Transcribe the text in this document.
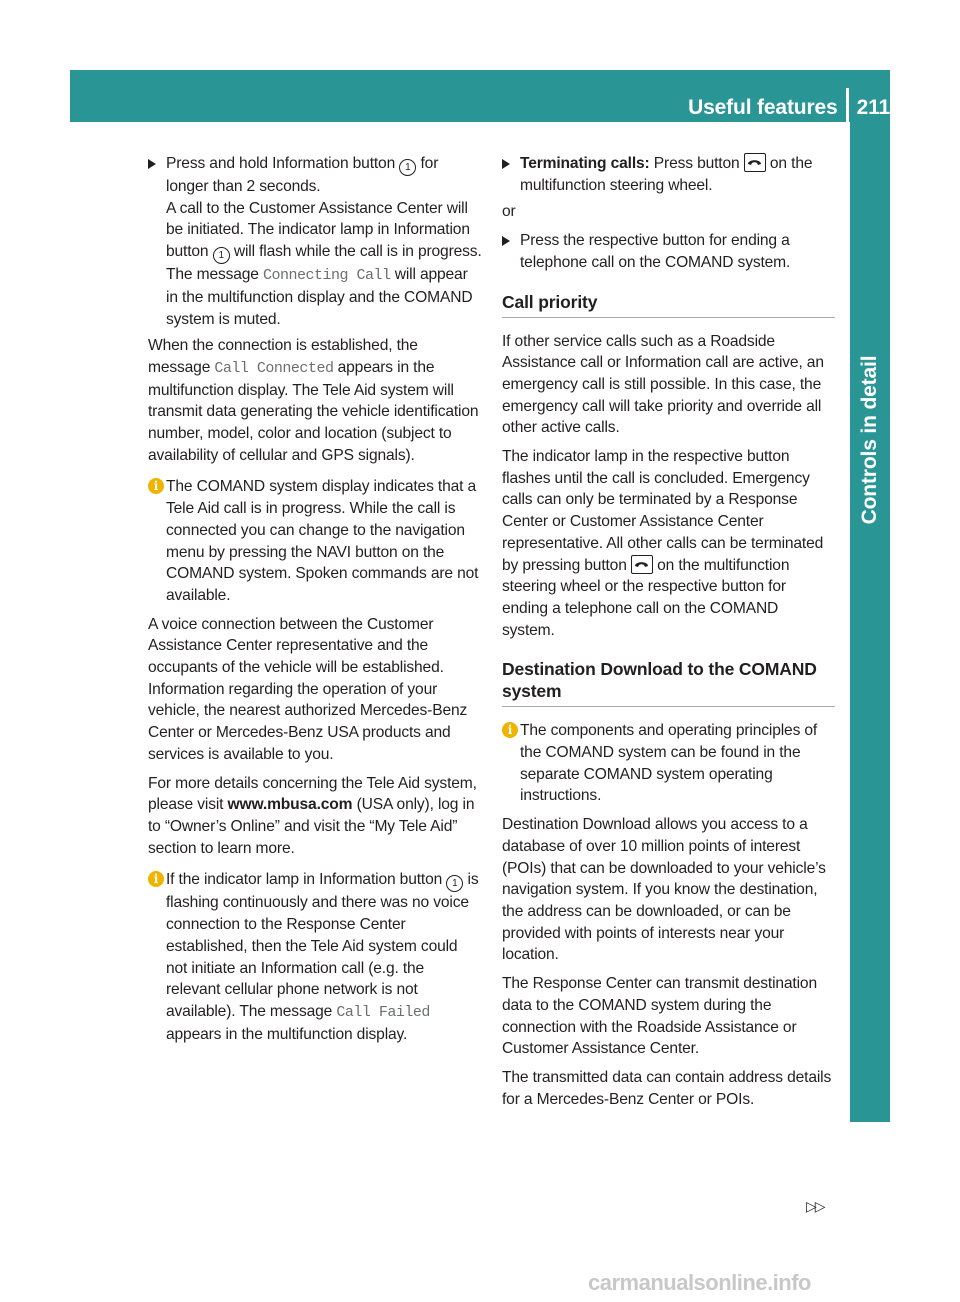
Useful features 211
Controls in detail
Press and hold Information button 1 for longer than 2 seconds.
A call to the Customer Assistance Center will be initiated. The indicator lamp in Information button 1 will flash while the call is in progress. The message Connecting Call will appear in the multifunction display and the COMAND system is muted.

When the connection is established, the message Call Connected appears in the multifunction display. The Tele Aid system will transmit data generating the vehicle identification number, model, color and location (subject to availability of cellular and GPS signals).

i The COMAND system display indicates that a Tele Aid call is in progress. While the call is connected you can change to the navigation menu by pressing the NAVI button on the COMAND system. Spoken commands are not available.

A voice connection between the Customer Assistance Center representative and the occupants of the vehicle will be established. Information regarding the operation of your vehicle, the nearest authorized Mercedes-Benz Center or Mercedes-Benz USA products and services is available to you.

For more details concerning the Tele Aid system, please visit www.mbusa.com (USA only), log in to “Owner’s Online” and visit the “My Tele Aid” section to learn more.

i If the indicator lamp in Information button 1 is flashing continuously and there was no voice connection to the Response Center established, then the Tele Aid system could not initiate an Information call (e.g. the relevant cellular phone network is not available). The message Call Failed appears in the multifunction display.
Terminating calls: Press button on the multifunction steering wheel.

or

Press the respective button for ending a telephone call on the COMAND system.
Call priority

If other service calls such as a Roadside Assistance call or Information call are active, an emergency call is still possible. In this case, the emergency call will take priority and override all other active calls.

The indicator lamp in the respective button flashes until the call is concluded. Emergency calls can only be terminated by a Response Center or Customer Assistance Center representative. All other calls can be terminated by pressing button on the multifunction steering wheel or the respective button for ending a telephone call on the COMAND system.

Destination Download to the COMAND system
i The components and operating principles of the COMAND system can be found in the separate COMAND system operating instructions.

Destination Download allows you access to a database of over 10 million points of interest (POIs) that can be downloaded to your vehicle’s navigation system. If you know the destination, the address can be downloaded, or can be provided with points of interests near your location.

The Response Center can transmit destination data to the COMAND system during the connection with the Roadside Assistance or Customer Assistance Center.

The transmitted data can contain address details for a Mercedes-Benz Center or POIs.

▷▷
carmanualsonline.info
